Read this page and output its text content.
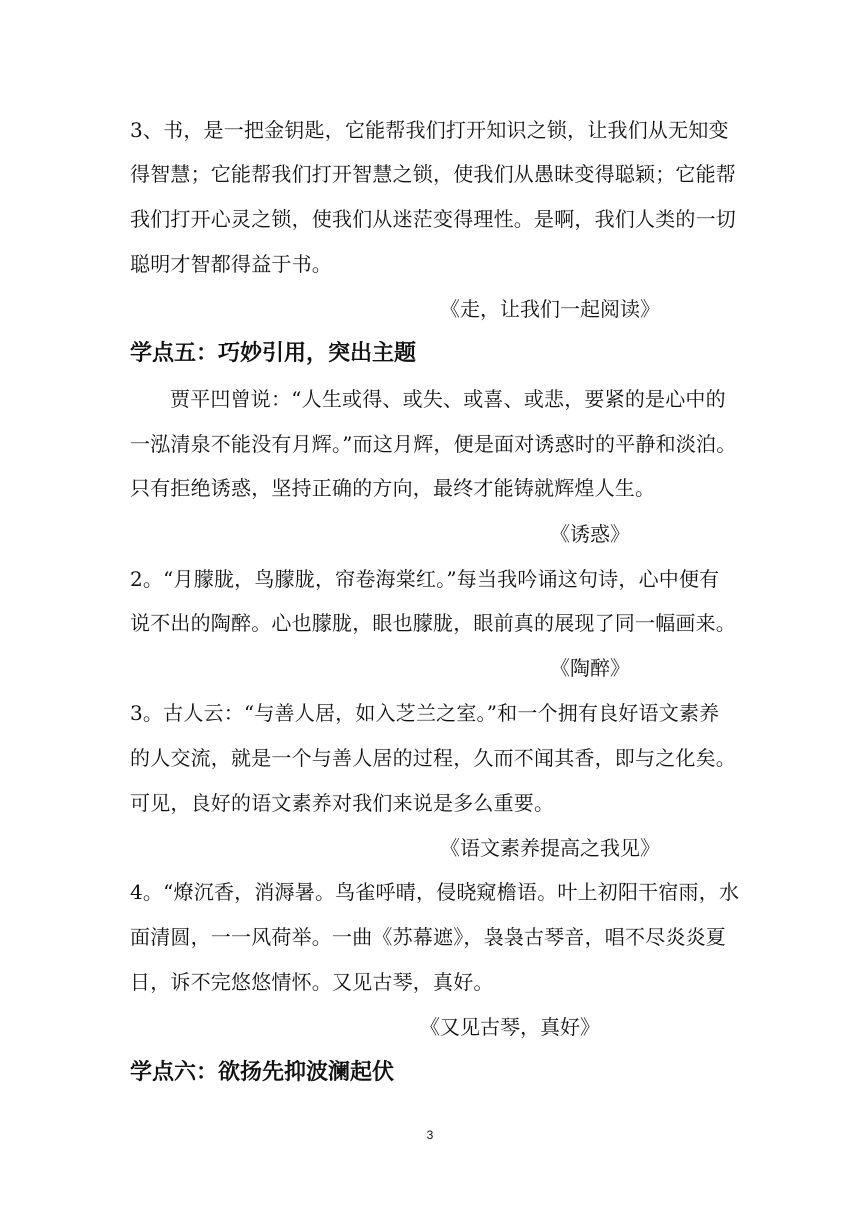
3、书，是一把金钥匙，它能帮我们打开知识之锁，让我们从无知变
得智慧；它能帮我们打开智慧之锁，使我们从愚昧变得聪颖；它能帮
我们打开心灵之锁，使我们从迷茫变得理性。是啊，我们人类的一切
聪明才智都得益于书。
《走，让我们一起阅读》
学点五：巧妙引用，突出主题
贾平凹曾说：“人生或得、或失、或喜、或悲，要紧的是心中的
一泓清泉不能没有月辉。”而这月辉，便是面对诱惑时的平静和淡泊。
只有拒绝诱惑，坚持正确的方向，最终才能铸就辉煌人生。
《诱惑》
2。“月朦胧，鸟朦胧，帘卷海棠红。”每当我吟诵这句诗，心中便有
说不出的陶醉。心也朦胧，眼也朦胧，眼前真的展现了同一幅画来。
《陶醉》
3。古人云：“与善人居，如入芝兰之室。”和一个拥有良好语文素养
的人交流，就是一个与善人居的过程，久而不闻其香，即与之化矣。
可见，良好的语文素养对我们来说是多么重要。
《语文素养提高之我见》
4。“燎沉香，消溽暑。鸟雀呼晴，侵晓窥檐语。叶上初阳干宿雨，水
面清圆，一一风荷举。一曲《苏幕遮》，袅袅古琴音，唱不尽炎炎夏
日，诉不完悠悠情怀。又见古琴，真好。
《又见古琴，真好》
学点六：欲扬先抑波澜起伏
3
